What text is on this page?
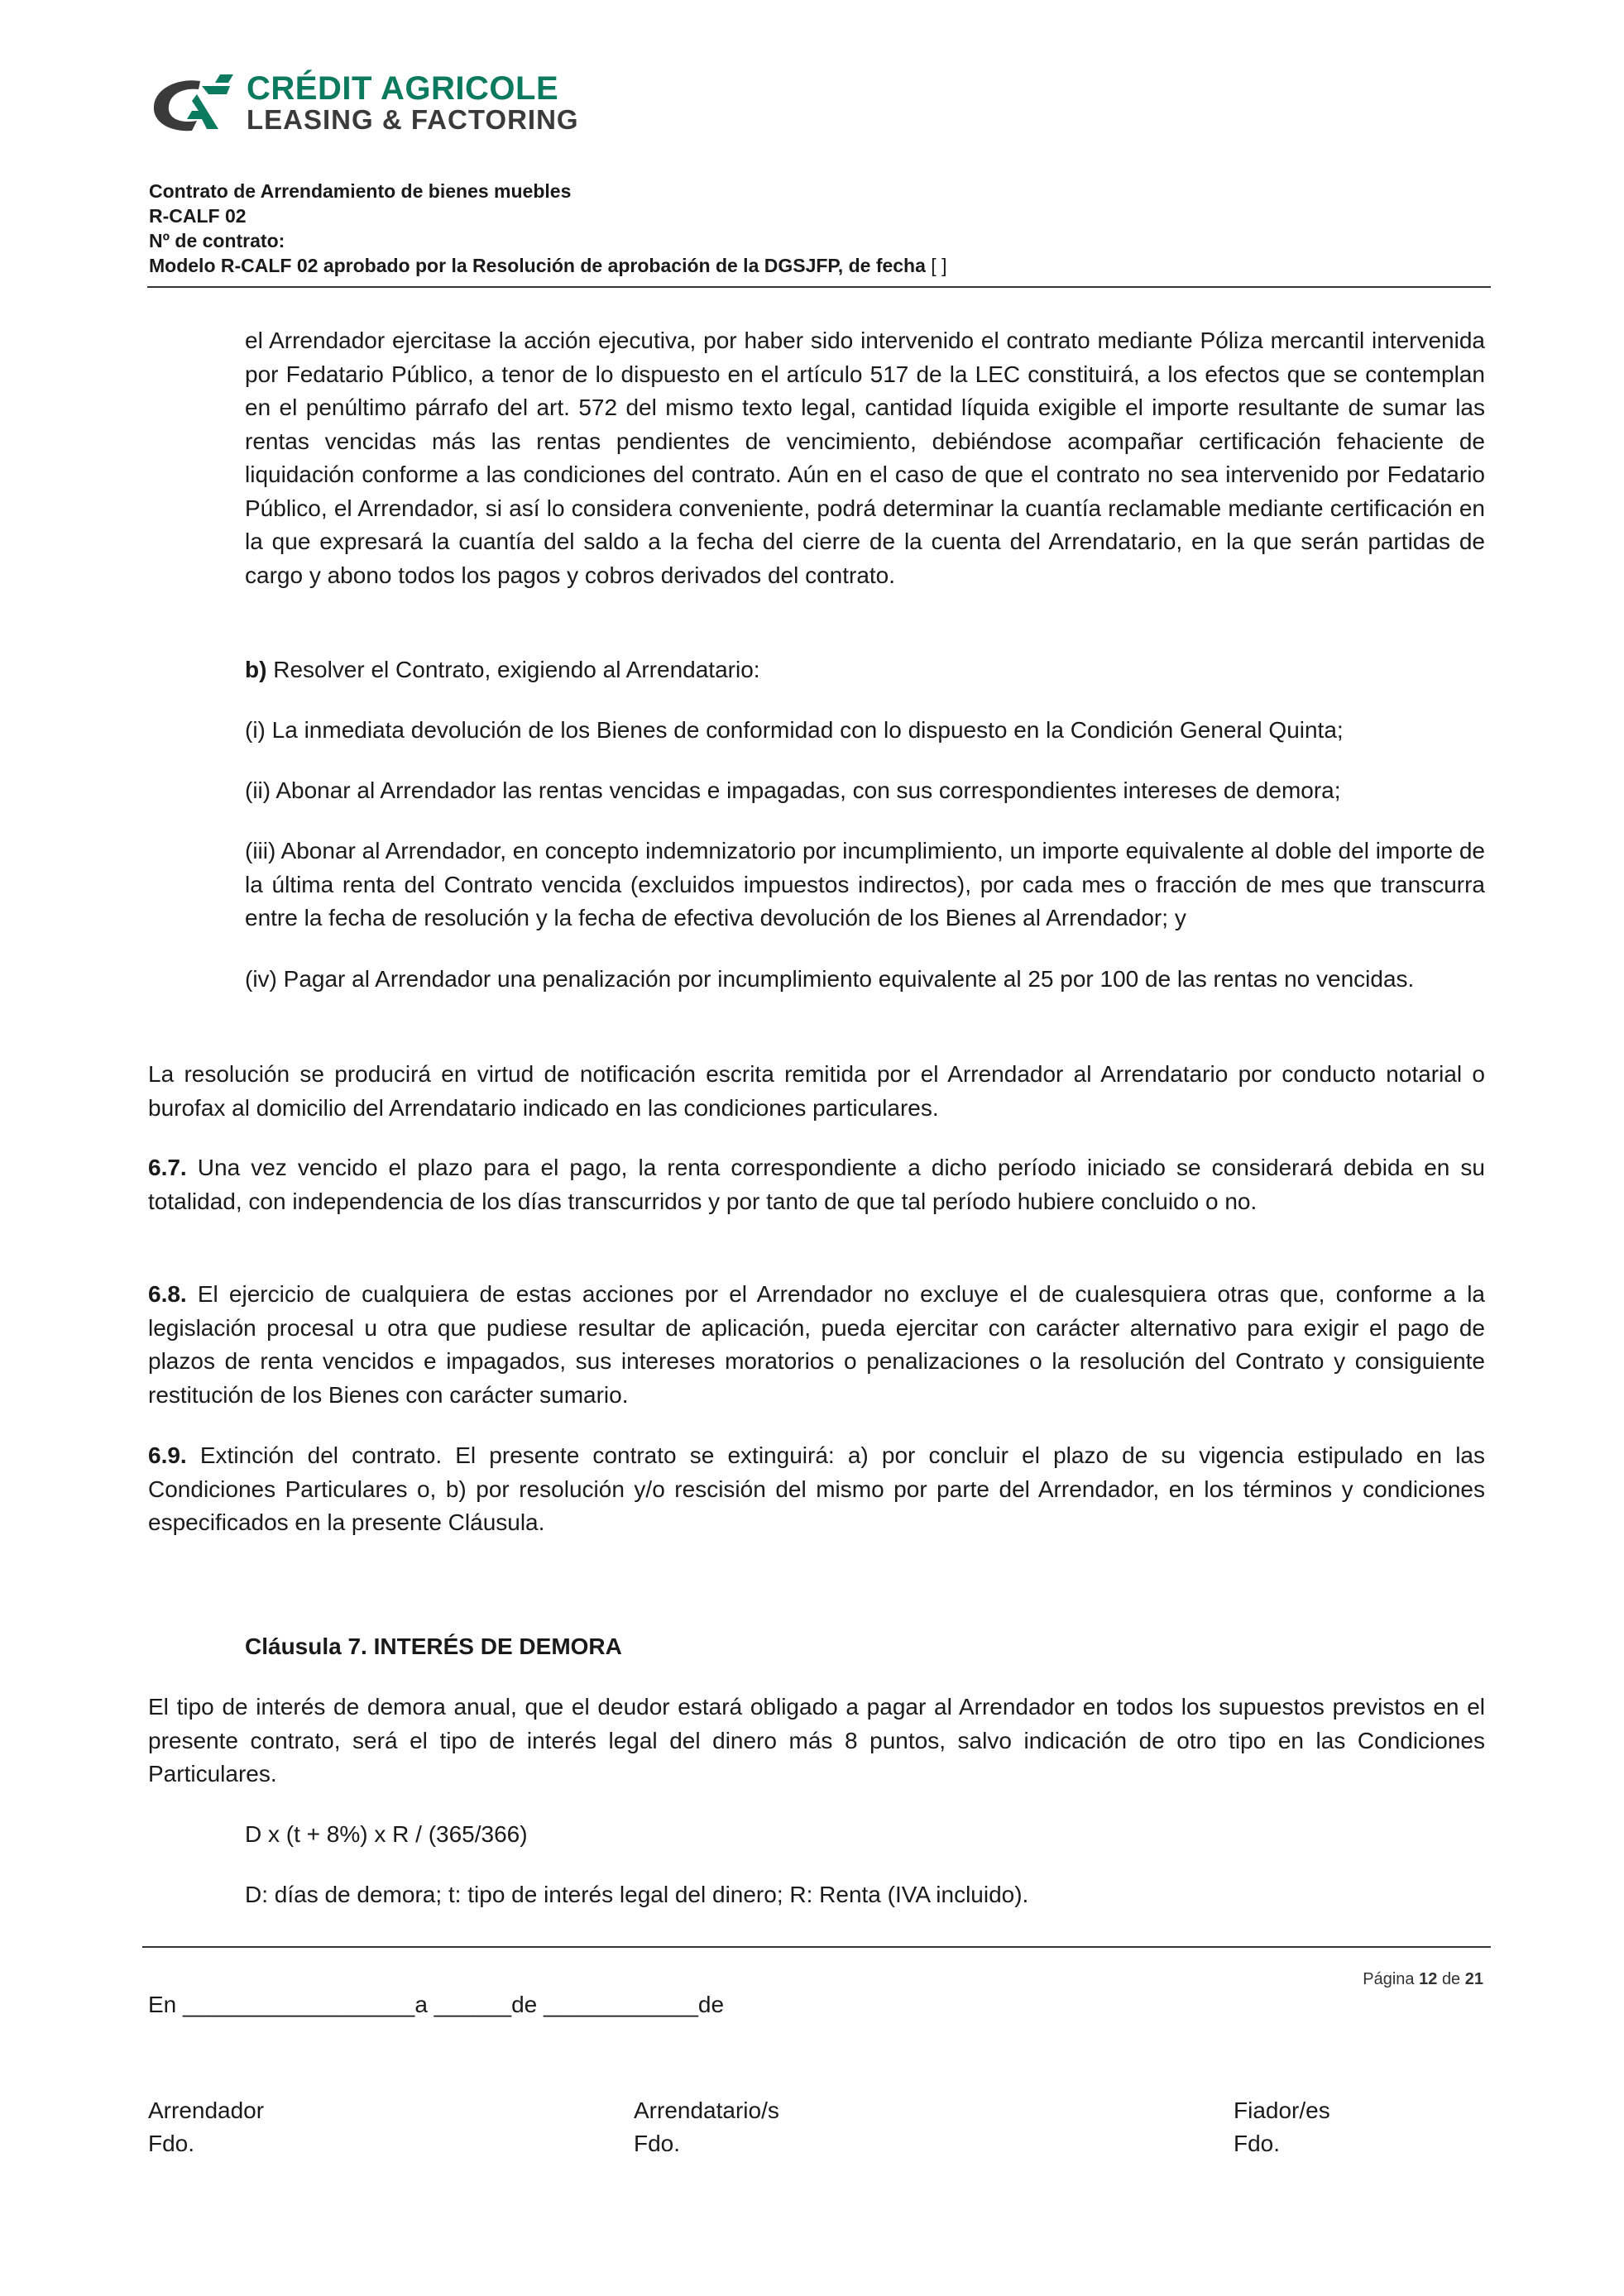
CRÉDIT AGRICOLE
LEASING & FACTORING
Contrato de Arrendamiento de bienes muebles
R-CALF 02
Nº de contrato:
Modelo R-CALF 02 aprobado por la Resolución de aprobación de la DGSJFP, de fecha [ ]

el Arrendador ejercitase la acción ejecutiva, por haber sido intervenido el contrato mediante Póliza mercantil intervenida por Fedatario Público, a tenor de lo dispuesto en el artículo 517 de la LEC constituirá, a los efectos que se contemplan en el penúltimo párrafo del art. 572 del mismo texto legal, cantidad líquida exigible el importe resultante de sumar las rentas vencidas más las rentas pendientes de vencimiento, debiéndose acompañar certificación fehaciente de liquidación conforme a las condiciones del contrato. Aún en el caso de que el contrato no sea intervenido por Fedatario Público, el Arrendador, si así lo considera conveniente, podrá determinar la cuantía reclamable mediante certificación en la que expresará la cuantía del saldo a la fecha del cierre de la cuenta del Arrendatario, en la que serán partidas de cargo y abono todos los pagos y cobros derivados del contrato.

b) Resolver el Contrato, exigiendo al Arrendatario:

(i) La inmediata devolución de los Bienes de conformidad con lo dispuesto en la Condición General Quinta;

(ii) Abonar al Arrendador las rentas vencidas e impagadas, con sus correspondientes intereses de demora;

(iii) Abonar al Arrendador, en concepto indemnizatorio por incumplimiento, un importe equivalente al doble del importe de la última renta del Contrato vencida (excluidos impuestos indirectos), por cada mes o fracción de mes que transcurra entre la fecha de resolución y la fecha de efectiva devolución de los Bienes al Arrendador; y

(iv) Pagar al Arrendador una penalización por incumplimiento equivalente al 25 por 100 de las rentas no vencidas.

La resolución se producirá en virtud de notificación escrita remitida por el Arrendador al Arrendatario por conducto notarial o burofax al domicilio del Arrendatario indicado en las condiciones particulares.

6.7. Una vez vencido el plazo para el pago, la renta correspondiente a dicho período iniciado se considerará debida en su totalidad, con independencia de los días transcurridos y por tanto de que tal período hubiere concluido o no.

6.8. El ejercicio de cualquiera de estas acciones por el Arrendador no excluye el de cualesquiera otras que, conforme a la legislación procesal u otra que pudiese resultar de aplicación, pueda ejercitar con carácter alternativo para exigir el pago de plazos de renta vencidos e impagados, sus intereses moratorios o penalizaciones o la resolución del Contrato y consiguiente restitución de los Bienes con carácter sumario.

6.9. Extinción del contrato. El presente contrato se extinguirá: a) por concluir el plazo de su vigencia estipulado en las Condiciones Particulares o, b) por resolución y/o rescisión del mismo por parte del Arrendador, en los términos y condiciones especificados en la presente Cláusula.

Cláusula 7. INTERÉS DE DEMORA

El tipo de interés de demora anual, que el deudor estará obligado a pagar al Arrendador en todos los supuestos previstos en el presente contrato, será el tipo de interés legal del dinero más 8 puntos, salvo indicación de otro tipo en las Condiciones Particulares.

D x (t + 8%) x R / (365/366)

D: días de demora; t: tipo de interés legal del dinero; R: Renta (IVA incluido).

Página 12 de 21
En __________________a ______de ____________de
Arrendador
Fdo.
Arrendatario/s
Fdo.
Fiador/es
Fdo.
